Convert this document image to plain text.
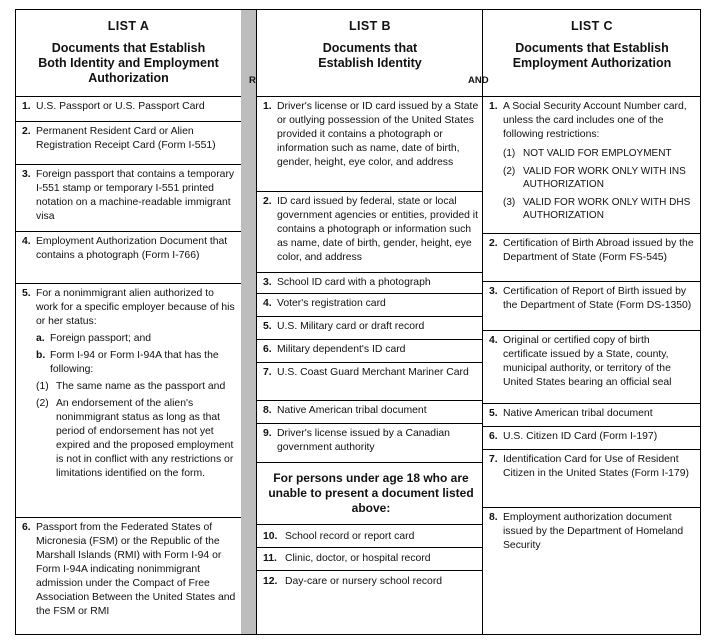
LIST A
Documents that Establish Both Identity and Employment Authorization
1. U.S. Passport or U.S. Passport Card
2. Permanent Resident Card or Alien Registration Receipt Card (Form I-551)
3. Foreign passport that contains a temporary I-551 stamp or temporary I-551 printed notation on a machine-readable immigrant visa
4. Employment Authorization Document that contains a photograph (Form I-766)
5. For a nonimmigrant alien authorized to work for a specific employer because of his or her status:
a. Foreign passport; and
b. Form I-94 or Form I-94A that has the following:
(1) The same name as the passport and
(2) An endorsement of the alien's nonimmigrant status as long as that period of endorsement has not yet expired and the proposed employment is not in conflict with any restrictions or limitations identified on the form.
6. Passport from the Federated States of Micronesia (FSM) or the Republic of the Marshall Islands (RMI) with Form I-94 or Form I-94A indicating nonimmigrant admission under the Compact of Free Association Between the United States and the FSM or RMI
R
LIST B
Documents that Establish Identity
1. Driver's license or ID card issued by a State or outlying possession of the United States provided it contains a photograph or information such as name, date of birth, gender, height, eye color, and address
2. ID card issued by federal, state or local government agencies or entities, provided it contains a photograph or information such as name, date of birth, gender, height, eye color, and address
3. School ID card with a photograph
4. Voter's registration card
5. U.S. Military card or draft record
6. Military dependent's ID card
7. U.S. Coast Guard Merchant Mariner Card
8. Native American tribal document
9. Driver's license issued by a Canadian government authority
For persons under age 18 who are unable to present a document listed above:
10. School record or report card
11. Clinic, doctor, or hospital record
12. Day-care or nursery school record
AND
LIST C
Documents that Establish Employment Authorization
1. A Social Security Account Number card, unless the card includes one of the following restrictions:
(1) NOT VALID FOR EMPLOYMENT
(2) VALID FOR WORK ONLY WITH INS AUTHORIZATION
(3) VALID FOR WORK ONLY WITH DHS AUTHORIZATION
2. Certification of Birth Abroad issued by the Department of State (Form FS-545)
3. Certification of Report of Birth issued by the Department of State (Form DS-1350)
4. Original or certified copy of birth certificate issued by a State, county, municipal authority, or territory of the United States bearing an official seal
5. Native American tribal document
6. U.S. Citizen ID Card (Form I-197)
7. Identification Card for Use of Resident Citizen in the United States (Form I-179)
8. Employment authorization document issued by the Department of Homeland Security
